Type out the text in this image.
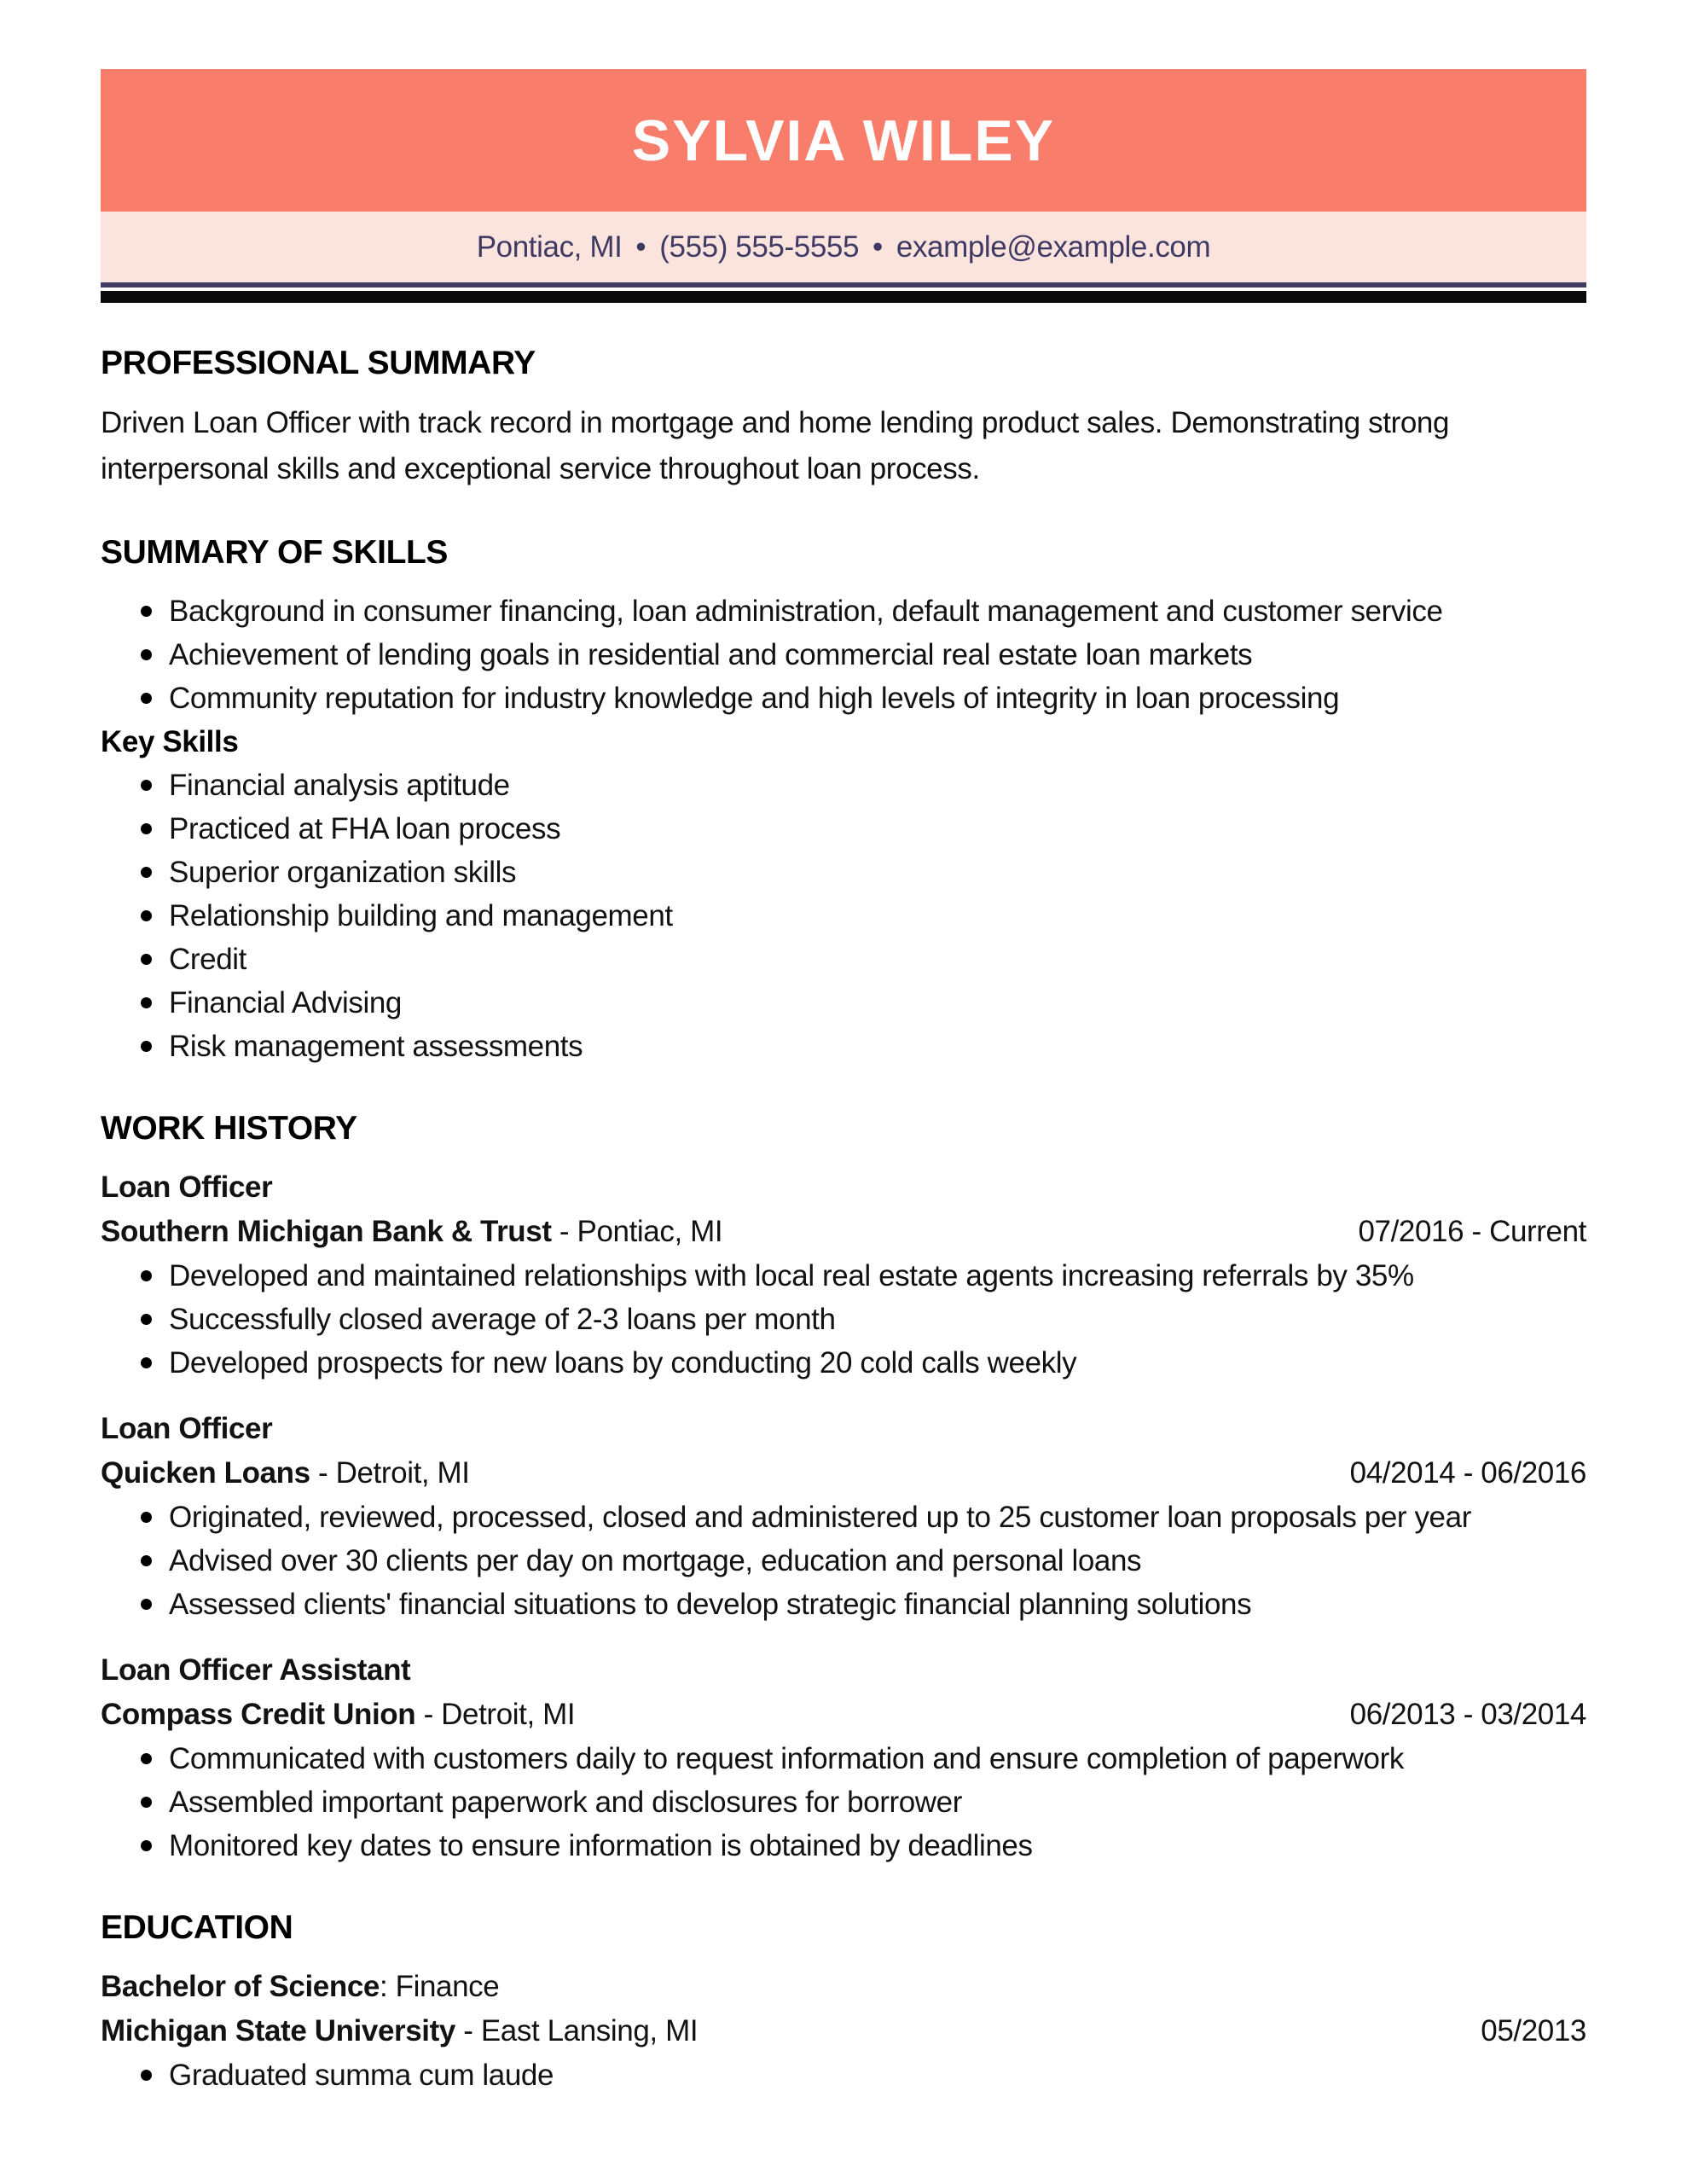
SYLVIA WILEY
Pontiac, MI • (555) 555-5555 • example@example.com
PROFESSIONAL SUMMARY
Driven Loan Officer with track record in mortgage and home lending product sales. Demonstrating strong
interpersonal skills and exceptional service throughout loan process.
SUMMARY OF SKILLS
Background in consumer financing, loan administration, default management and customer service
Achievement of lending goals in residential and commercial real estate loan markets
Community reputation for industry knowledge and high levels of integrity in loan processing
Key Skills
Financial analysis aptitude
Practiced at FHA loan process
Superior organization skills
Relationship building and management
Credit
Financial Advising
Risk management assessments
WORK HISTORY
Loan Officer
Southern Michigan Bank & Trust - Pontiac, MI	07/2016 - Current
Developed and maintained relationships with local real estate agents increasing referrals by 35%
Successfully closed average of 2-3 loans per month
Developed prospects for new loans by conducting 20 cold calls weekly
Loan Officer
Quicken Loans - Detroit, MI	04/2014 - 06/2016
Originated, reviewed, processed, closed and administered up to 25 customer loan proposals per year
Advised over 30 clients per day on mortgage, education and personal loans
Assessed clients' financial situations to develop strategic financial planning solutions
Loan Officer Assistant
Compass Credit Union - Detroit, MI	06/2013 - 03/2014
Communicated with customers daily to request information and ensure completion of paperwork
Assembled important paperwork and disclosures for borrower
Monitored key dates to ensure information is obtained by deadlines
EDUCATION
Bachelor of Science: Finance
Michigan State University - East Lansing, MI	05/2013
Graduated summa cum laude
